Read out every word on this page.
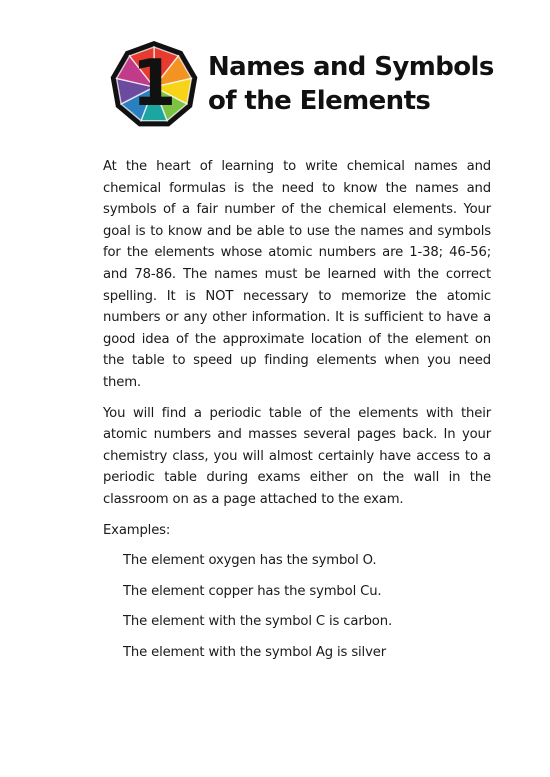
1	Names and Symbols
of the Elements

At the heart of learning to write chemical names and chemical formulas is the need to know the names and symbols of a fair number of the chemical elements. Your goal is to know and be able to use the names and symbols for the elements whose atomic numbers are 1-38; 46-56; and 78-86. The names must be learned with the correct spelling. It is NOT necessary to memorize the atomic numbers or any other information. It is sufficient to have a good idea of the approximate location of the element on the table to speed up finding elements when you need them.

You will find a periodic table of the elements with their atomic numbers and masses several pages back. In your chemistry class, you will almost certainly have access to a periodic table during exams either on the wall in the classroom on as a page attached to the exam.

Examples:
The element oxygen has the symbol O.
The element copper has the symbol Cu.
The element with the symbol C is carbon.
The element with the symbol Ag is silver
